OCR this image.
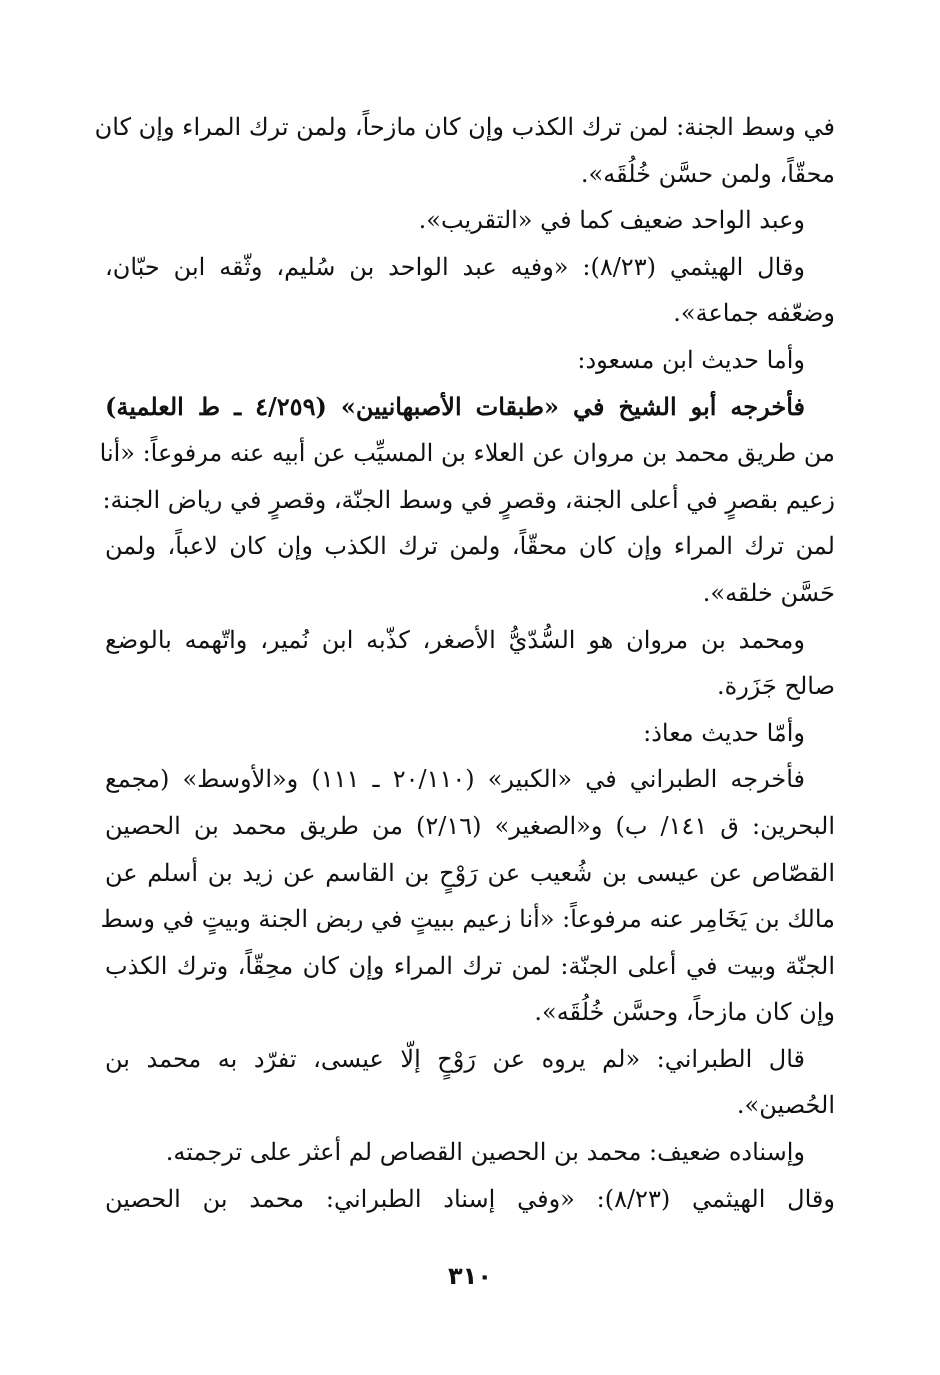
في وسط الجنة: لمن ترك الكذب وإن كان مازحاً، ولمن ترك المراء وإن كان
محقّاً، ولمن حسَّن خُلُقَه».
وعبد الواحد ضعيف كما في «التقريب».
وقال الهيثمي (٨/٢٣): «وفيه عبد الواحد بن سُليم، وثّقه ابن حبّان،
وضعّفه جماعة».
وأما حديث ابن مسعود:
فأخرجه أبو الشيخ في «طبقات الأصبهانيين» (٤/٢٥٩ ـ ط العلمية)
من طريق محمد بن مروان عن العلاء بن المسيِّب عن أبيه عنه مرفوعاً: «أنا
زعيم بقصرٍ في أعلى الجنة، وقصرٍ في وسط الجنّة، وقصرٍ في رياض الجنة:
لمن ترك المراء وإن كان محقّاً، ولمن ترك الكذب وإن كان لاعباً، ولمن
حَسَّن خلقه».
ومحمد بن مروان هو السُّدّيُّ الأصغر، كذّبه ابن نُمير، واتّهمه بالوضع
صالح جَزَرة.
وأمّا حديث معاذ:
فأخرجه الطبراني في «الكبير» (٢٠/١١٠ ـ ١١١) و«الأوسط» (مجمع
البحرين: ق ١٤١/ ب) و«الصغير» (٢/١٦) من طريق محمد بن الحصين
القصّاص عن عيسى بن شُعيب عن رَوْحٍ بن القاسم عن زيد بن أسلم عن
مالك بن يَخَامِر عنه مرفوعاً: «أنا زعيم ببيتٍ في ربض الجنة وبيتٍ في وسط
الجنّة وبيت في أعلى الجنّة: لمن ترك المراء وإن كان محِقّاً، وترك الكذب
وإن كان مازحاً، وحسَّن خُلُقَه».
قال الطبراني: «لم يروه عن رَوْحٍ إلّا عيسى، تفرّد به محمد بن
الحُصين».
وإسناده ضعيف: محمد بن الحصين القصاص لم أعثر على ترجمته.
وقال الهيثمي (٨/٢٣): «وفي إسناد الطبراني: محمد بن الحصين
٣١٠
